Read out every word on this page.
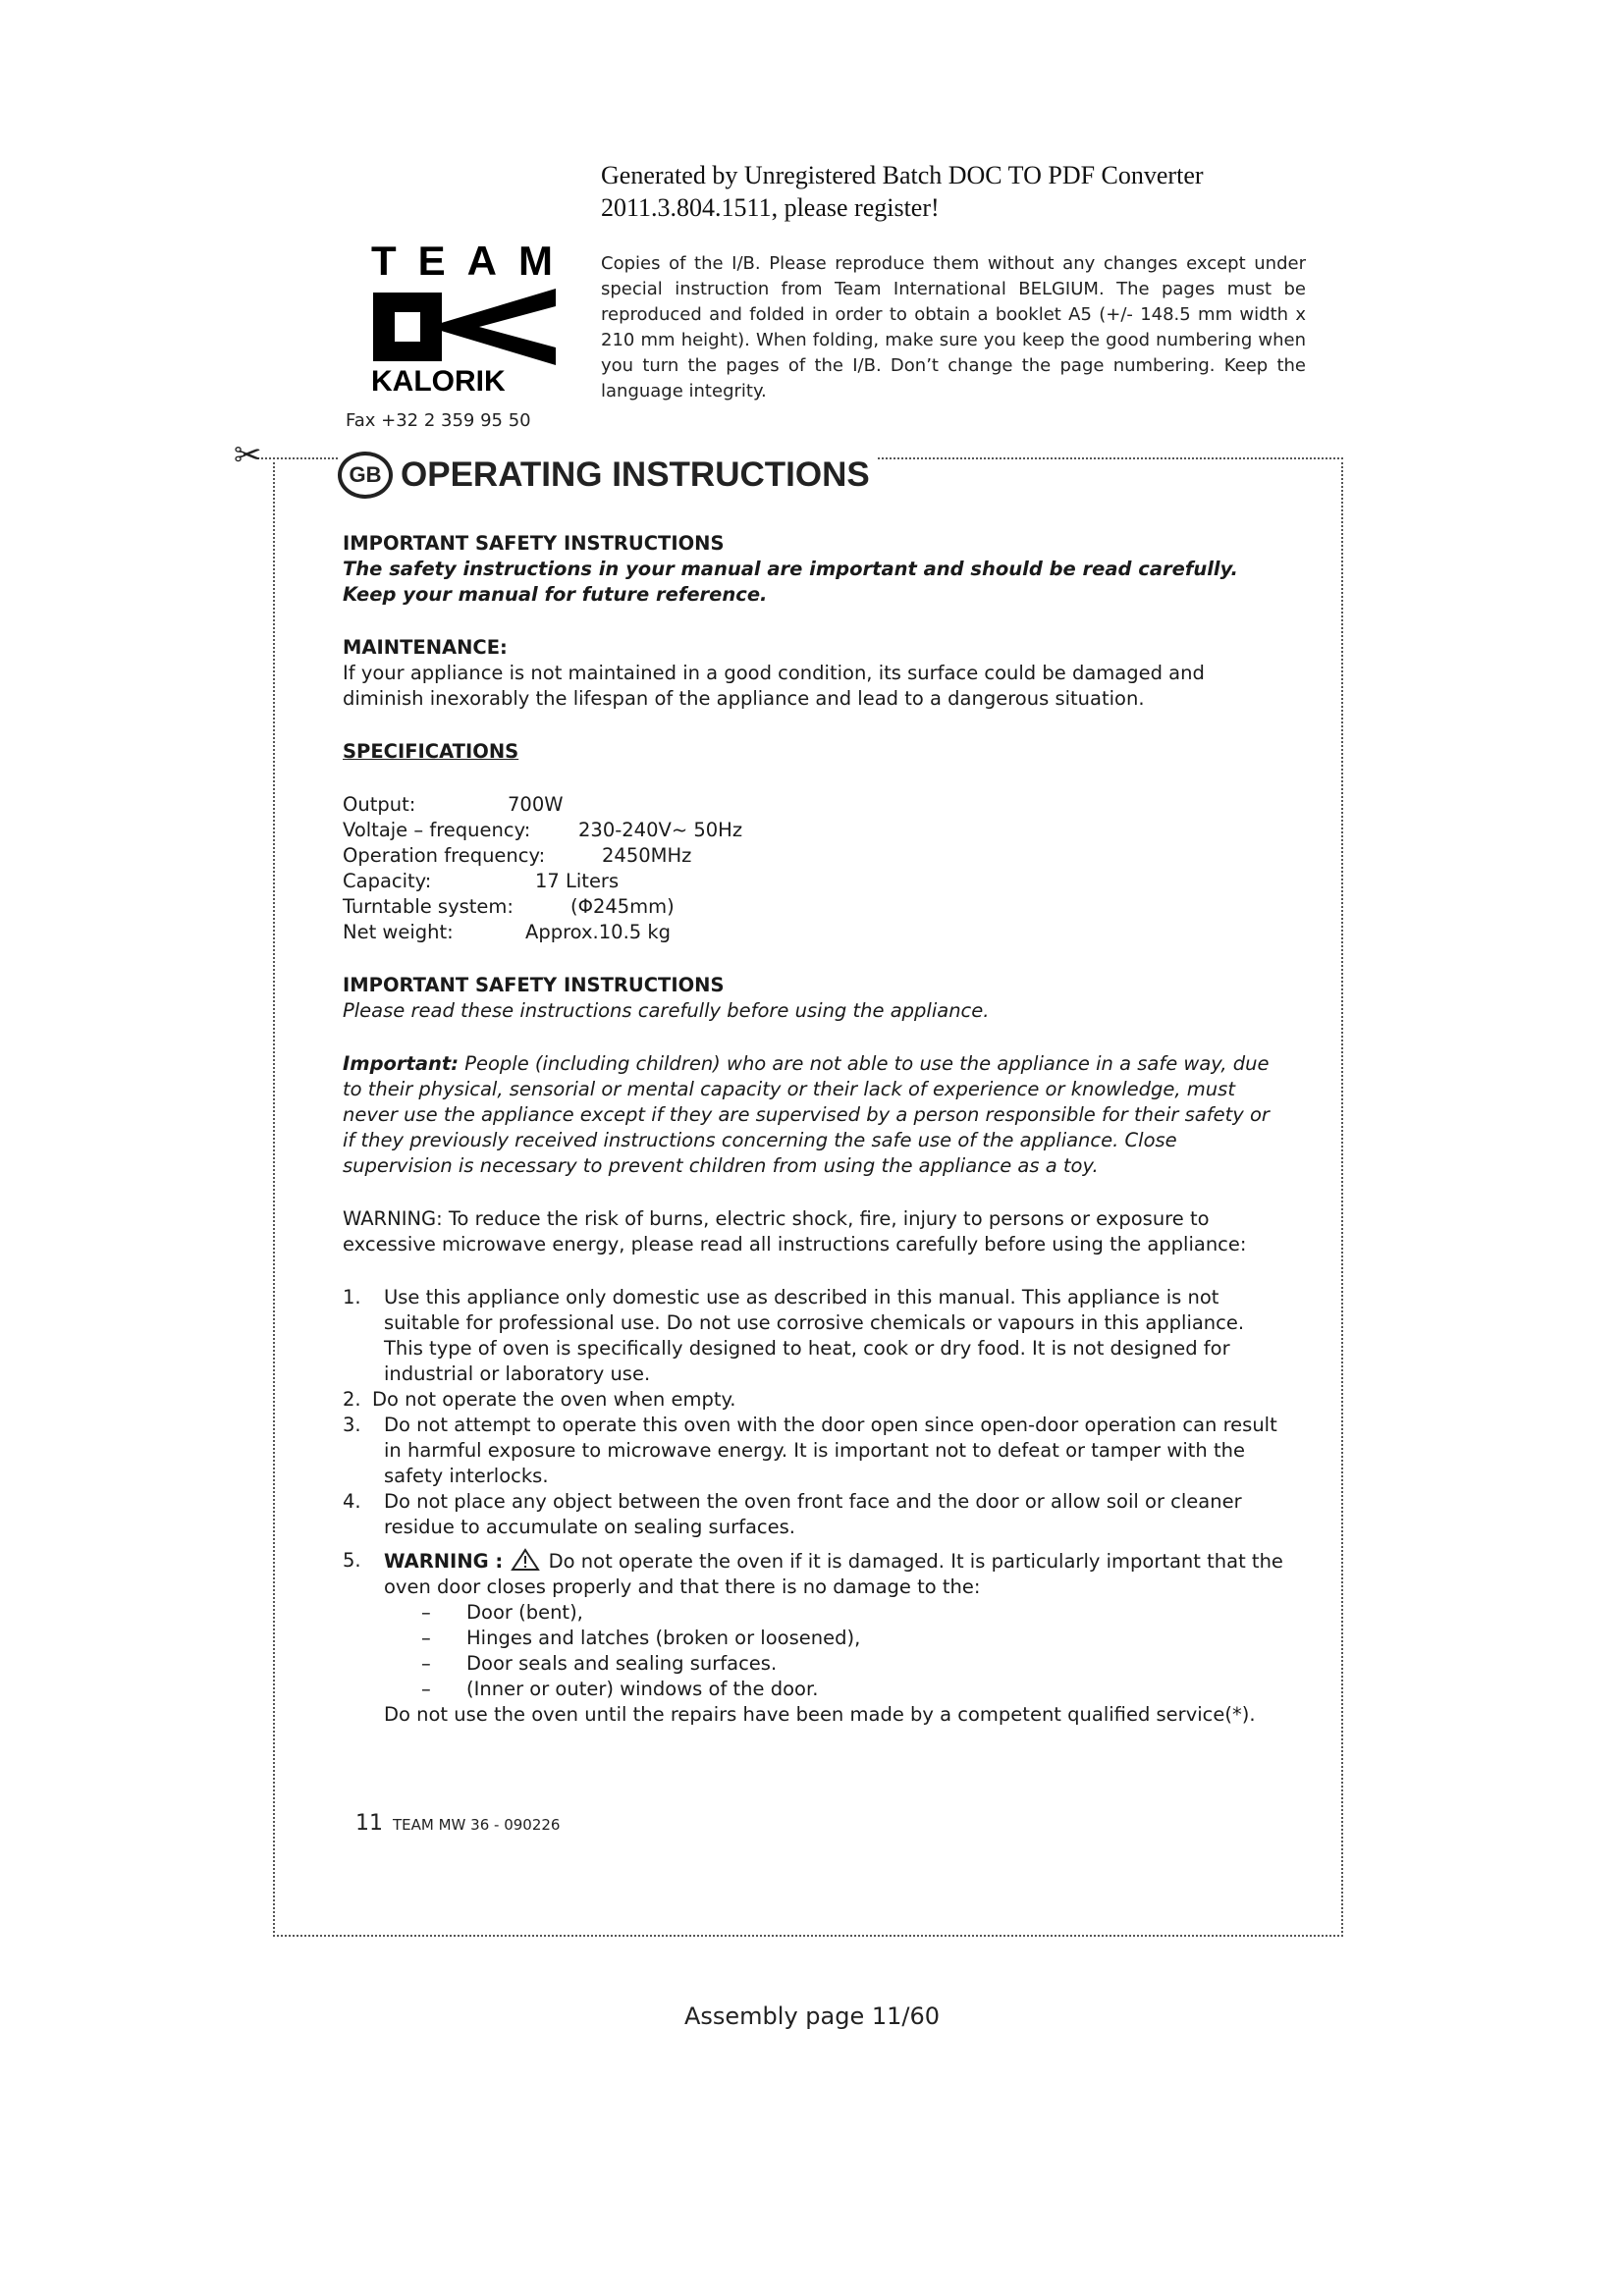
Generated by Unregistered Batch DOC TO PDF Converter
2011.3.804.1511, please register!
TEAM
KALORIK
Fax +32 2 359 95 50
Copies of the I/B. Please reproduce them without any changes except under special instruction from Team International BELGIUM. The pages must be reproduced and folded in order to obtain a booklet A5 (+/- 148.5 mm width x 210 mm height). When folding, make sure you keep the good numbering when you turn the pages of the I/B. Don’t change the page numbering. Keep the language integrity.
✂	GB OPERATING INSTRUCTIONS

IMPORTANT SAFETY INSTRUCTIONS

The safety instructions in your manual are important and should be read carefully. Keep your manual for future reference.

MAINTENANCE:

If your appliance is not maintained in a good condition, its surface could be damaged and diminish inexorably the lifespan of the appliance and lead to a dangerous situation.

SPECIFICATIONS

Output:	700W
Voltaje – frequency:	230-240V~ 50Hz
Operation frequency:	2450MHz
Capacity:	17 Liters
Turntable system:	(Φ245mm)
Net weight:	Approx.10.5 kg

IMPORTANT SAFETY INSTRUCTIONS

Please read these instructions carefully before using the appliance.

Important: People (including children) who are not able to use the appliance in a safe way, due to their physical, sensorial or mental capacity or their lack of experience or knowledge, must never use the appliance except if they are supervised by a person responsible for their safety or if they previously received instructions concerning the safe use of the appliance. Close supervision is necessary to prevent children from using the appliance as a toy.

WARNING: To reduce the risk of burns, electric shock, fire, injury to persons or exposure to excessive microwave energy, please read all instructions carefully before using the appliance:

1.	Use this appliance only domestic use as described in this manual. This appliance is not suitable for professional use. Do not use corrosive chemicals or vapours in this appliance. This type of oven is specifically designed to heat, cook or dry food. It is not designed for industrial or laboratory use.
2. Do not operate the oven when empty.
3.	Do not attempt to operate this oven with the door open since open-door operation can result in harmful exposure to microwave energy. It is important not to defeat or tamper with the safety interlocks.
4.	Do not place any object between the oven front face and the door or allow soil or cleaner residue to accumulate on sealing surfaces.
5.	WARNING : Do not operate the oven if it is damaged. It is particularly important that the oven door closes properly and that there is no damage to the:
–	Door (bent),
–	Hinges and latches (broken or loosened),
–	Door seals and sealing surfaces.
–	(Inner or outer) windows of the door.
Do not use the oven until the repairs have been made by a competent qualified service(*).
11 TEAM MW 36 - 090226
Assembly page 11/60
